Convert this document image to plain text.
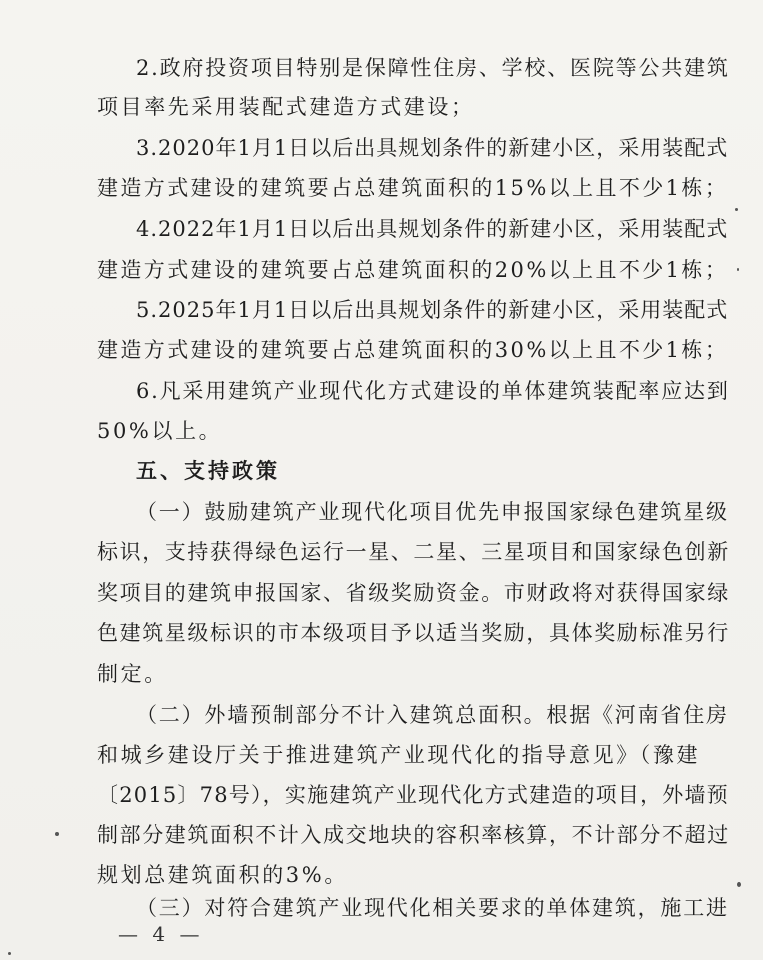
2.政府投资项目特别是保障性住房、学校、医院等公共建筑
项目率先采用装配式建造方式建设；
3.2020年1月1日以后出具规划条件的新建小区，采用装配式
建造方式建设的建筑要占总建筑面积的15%以上且不少1栋；
4.2022年1月1日以后出具规划条件的新建小区，采用装配式
建造方式建设的建筑要占总建筑面积的20%以上且不少1栋；
5.2025年1月1日以后出具规划条件的新建小区，采用装配式
建造方式建设的建筑要占总建筑面积的30%以上且不少1栋；
6.凡采用建筑产业现代化方式建设的单体建筑装配率应达到
50%以上。
五、支持政策
（一）鼓励建筑产业现代化项目优先申报国家绿色建筑星级
标识，支持获得绿色运行一星、二星、三星项目和国家绿色创新
奖项目的建筑申报国家、省级奖励资金。市财政将对获得国家绿
色建筑星级标识的市本级项目予以适当奖励，具体奖励标准另行
制定。
（二）外墙预制部分不计入建筑总面积。根据《河南省住房
和城乡建设厅关于推进建筑产业现代化的指导意见》（豫建
〔2015〕78号），实施建筑产业现代化方式建造的项目，外墙预
制部分建筑面积不计入成交地块的容积率核算，不计部分不超过
规划总建筑面积的3%。
（三）对符合建筑产业现代化相关要求的单体建筑，施工进
— 4 —
